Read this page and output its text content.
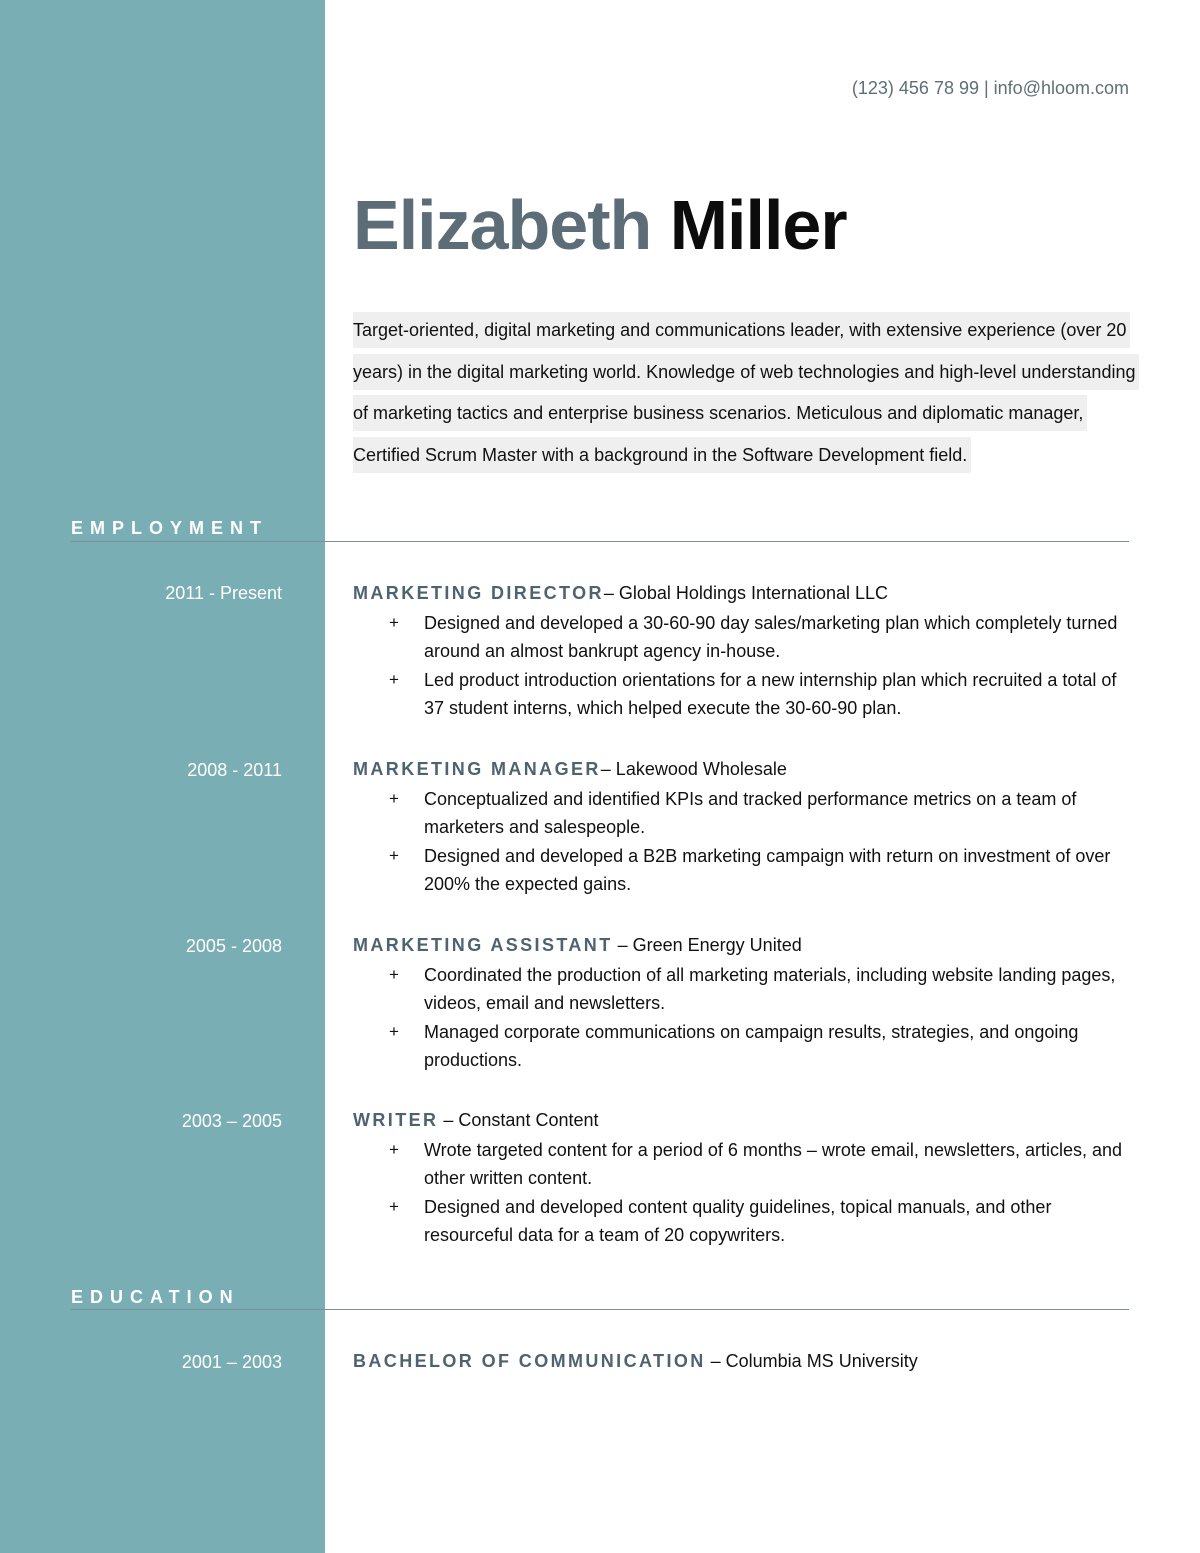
(123) 456 78 99 | info@hloom.com
Elizabeth Miller
Target-oriented, digital marketing and communications leader, with extensive experience (over 20 years) in the digital marketing world. Knowledge of web technologies and high-level understanding of marketing tactics and enterprise business scenarios. Meticulous and diplomatic manager, Certified Scrum Master with a background in the Software Development field.
EMPLOYMENT
2011 - Present	MARKETING DIRECTOR– Global Holdings International LLC
+ Designed and developed a 30-60-90 day sales/marketing plan which completely turned around an almost bankrupt agency in-house.
+ Led product introduction orientations for a new internship plan which recruited a total of 37 student interns, which helped execute the 30-60-90 plan.
2008 - 2011	MARKETING MANAGER– Lakewood Wholesale
+ Conceptualized and identified KPIs and tracked performance metrics on a team of marketers and salespeople.
+ Designed and developed a B2B marketing campaign with return on investment of over 200% the expected gains.
2005 - 2008	MARKETING ASSISTANT – Green Energy United
+ Coordinated the production of all marketing materials, including website landing pages, videos, email and newsletters.
+ Managed corporate communications on campaign results, strategies, and ongoing productions.
2003 – 2005	WRITER – Constant Content
+ Wrote targeted content for a period of 6 months – wrote email, newsletters, articles, and other written content.
+ Designed and developed content quality guidelines, topical manuals, and other resourceful data for a team of 20 copywriters.
EDUCATION
2001 – 2003	BACHELOR OF COMMUNICATION – Columbia MS University
